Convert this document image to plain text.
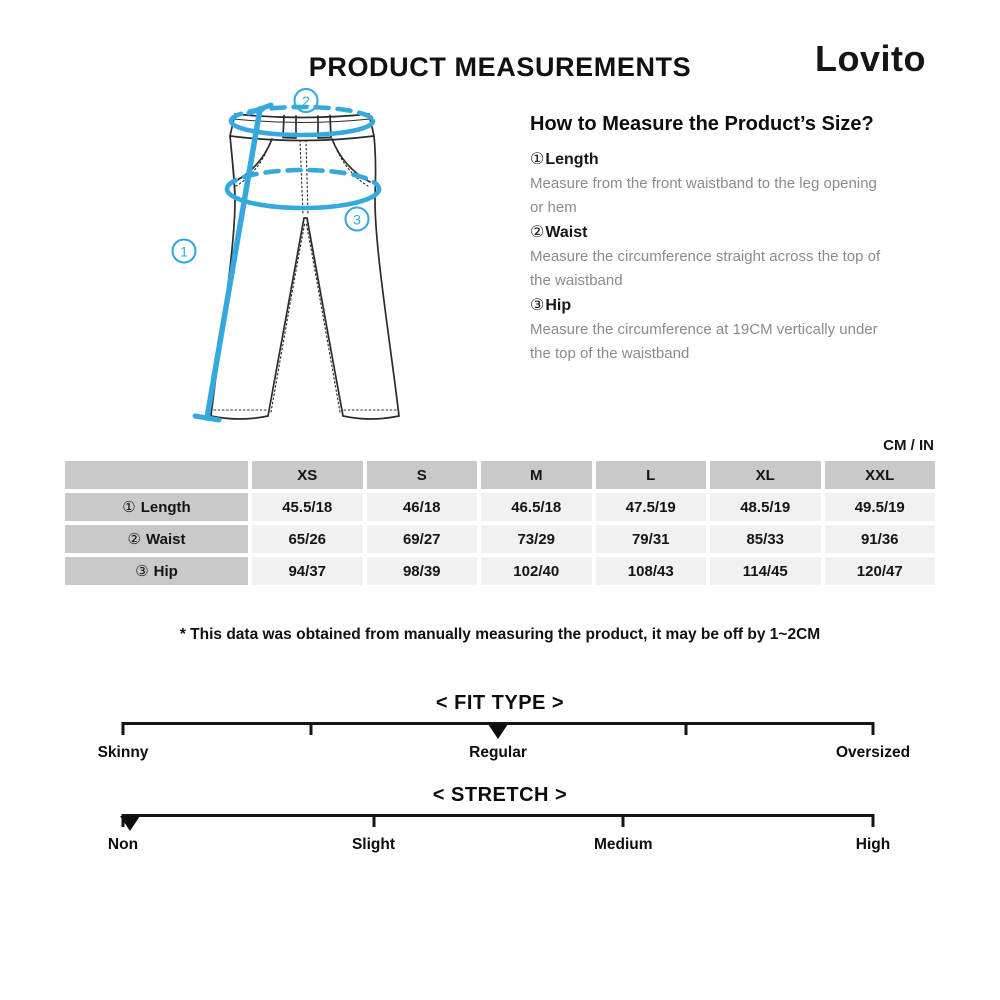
PRODUCT MEASUREMENTS	Lovito
1
2
3
How to Measure the Product’s Size?
①Length
Measure from the front waistband to the leg opening or hem
②Waist
Measure the circumference straight across the top of the waistband
③Hip
Measure the circumference at 19CM vertically under the top of the waistband
CM / IN
XS	S	M	L	XL	XXL
① Length	45.5/18	46/18	46.5/18	47.5/19	48.5/19	49.5/19
② Waist	65/26	69/27	73/29	79/31	85/33	91/36
③ Hip	94/37	98/39	102/40	108/43	114/45	120/47
* This data was obtained from manually measuring the product, it may be off by 1~2CM
< FIT TYPE >
Skinny	Regular	Oversized
< STRETCH >
Non	Slight	Medium	High
